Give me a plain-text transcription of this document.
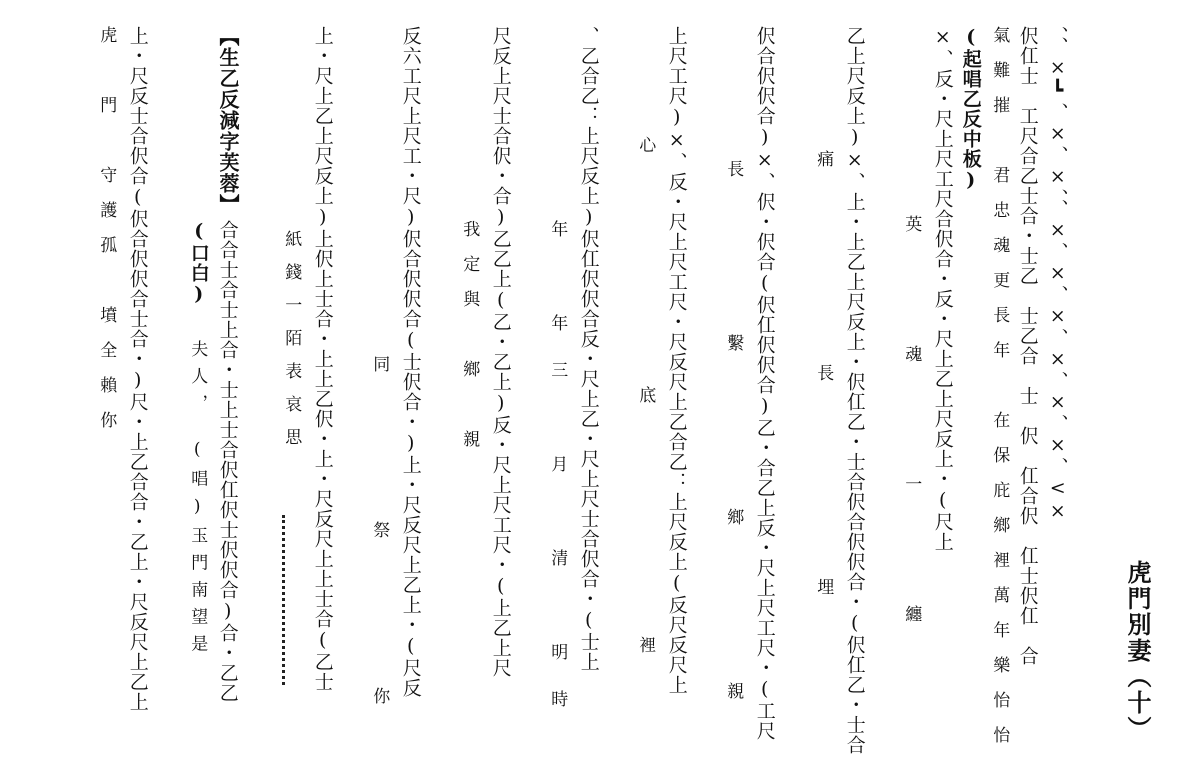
虎門別妻（十）
、、×┗、×、×、、×、×、×、×、×、×、<×
伬仜士　工尺合乙士合・士乙　士乙合　士　伬　仜合伬　仜士伬仜　合
氣難摧　君忠魂更長年　在保庇鄉裡萬年樂怡怡
(起唱乙反中板)
×、反・尺上尺工尺合伬合・反・尺上乙上尺反上・(尺上
英　魂　一　纏
乙上尺反上)×、上・上乙上尺反上・伬仜乙・士合伬合伬伬合・(伬仜乙・士合
痛　長　埋
伬合伬伬合)×、伬・伬合(伬仜伬伬合)乙・合乙上反・尺上尺工尺・(工尺
長　繫　鄉　親
上尺工尺)×、反・尺上尺工尺・尺反尺上乙合乙：上尺反上(反尺反尺上
心　底　裡
、乙合乙：上尺反上)伬仜伬伬合反・尺上乙・尺上尺士合伬合・(士上
年　年三　月　清　明時
尺反上尺士合伬・合)乙乙上(乙・乙上)反・尺上尺工尺・(上乙上尺
我定與　鄉　親
反六工尺上尺工・尺)伬合伬伬合(士伬合・)上・尺反尺上乙上・(尺反
同　祭　你
上・尺上乙上尺反上)上伬上士合・上上乙伬・上・尺反尺上上士合(乙士
紙錢一陌表哀思
【生乙反減字芙蓉】
合合士合士上合・士上士合伬仜伬士伬伬合)合・乙乙
(口白)
夫人，　(唱)玉門南望是
上・尺反士合伬合(伬合伬伬合士合・)尺・上乙合合・乙上・尺反尺上乙上
虎　門　守護孤　墳全賴你
